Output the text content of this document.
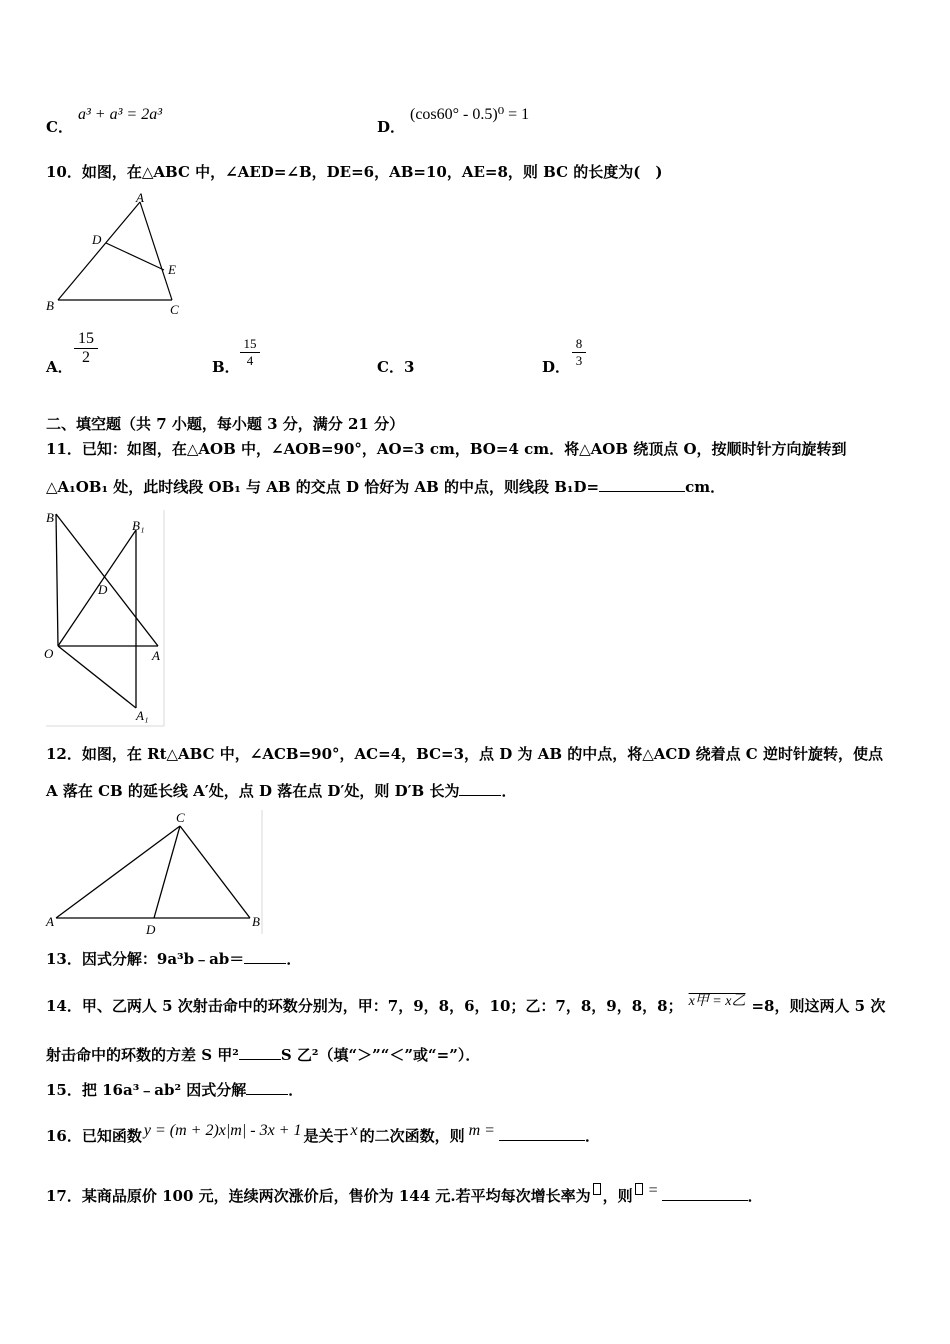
C．
a³ + a³ = 2a³
D．
(cos60° - 0.5)⁰ = 1
10．如图，在△ABC 中，∠AED=∠B，DE=6，AB=10，AE=8，则 BC 的长度为(　)
A
D
E
B	C
A．
15
2
B．
15
4	C．3	D．
8
3
二、填空题（共 7 小题，每小题 3 分，满分 21 分）
11．已知：如图，在△AOB 中，∠AOB=90°，AO=3 cm，BO=4 cm．将△AOB 绕顶点 O，按顺时针方向旋转到
△A₁OB₁ 处，此时线段 OB₁ 与 AB 的交点 D 恰好为 AB 的中点，则线段 B₁D=	cm．
B
B₁
D
O	A
A₁
12．如图，在 Rt△ABC 中，∠ACB=90°，AC=4，BC=3，点 D 为 AB 的中点，将△ACD 绕着点 C 逆时针旋转，使点
A 落在 CB 的延长线 A′处，点 D 落在点 D′处，则 D′B 长为	．
C
A
D
B
13．因式分解：9a³b﹣ab＝	．
14．甲、乙两人 5 次射击命中的环数分别为，甲：7，9，8，6，10；乙：7，8，9，8，8； x甲 = x乙 =8，则这两人 5 次
射击命中的环数的方差 S 甲²	S 乙²（填“＞”“＜”或“=”）．
15．把 16a³﹣ab² 因式分解	．
16．已知函数 y = (m + 2)x|m| - 3x + 1 是关于 x 的二次函数，则 m =	．
17．某商品原价 100 元，连续两次涨价后，售价为 144 元.若平均每次增长率为 ，则 =	．
